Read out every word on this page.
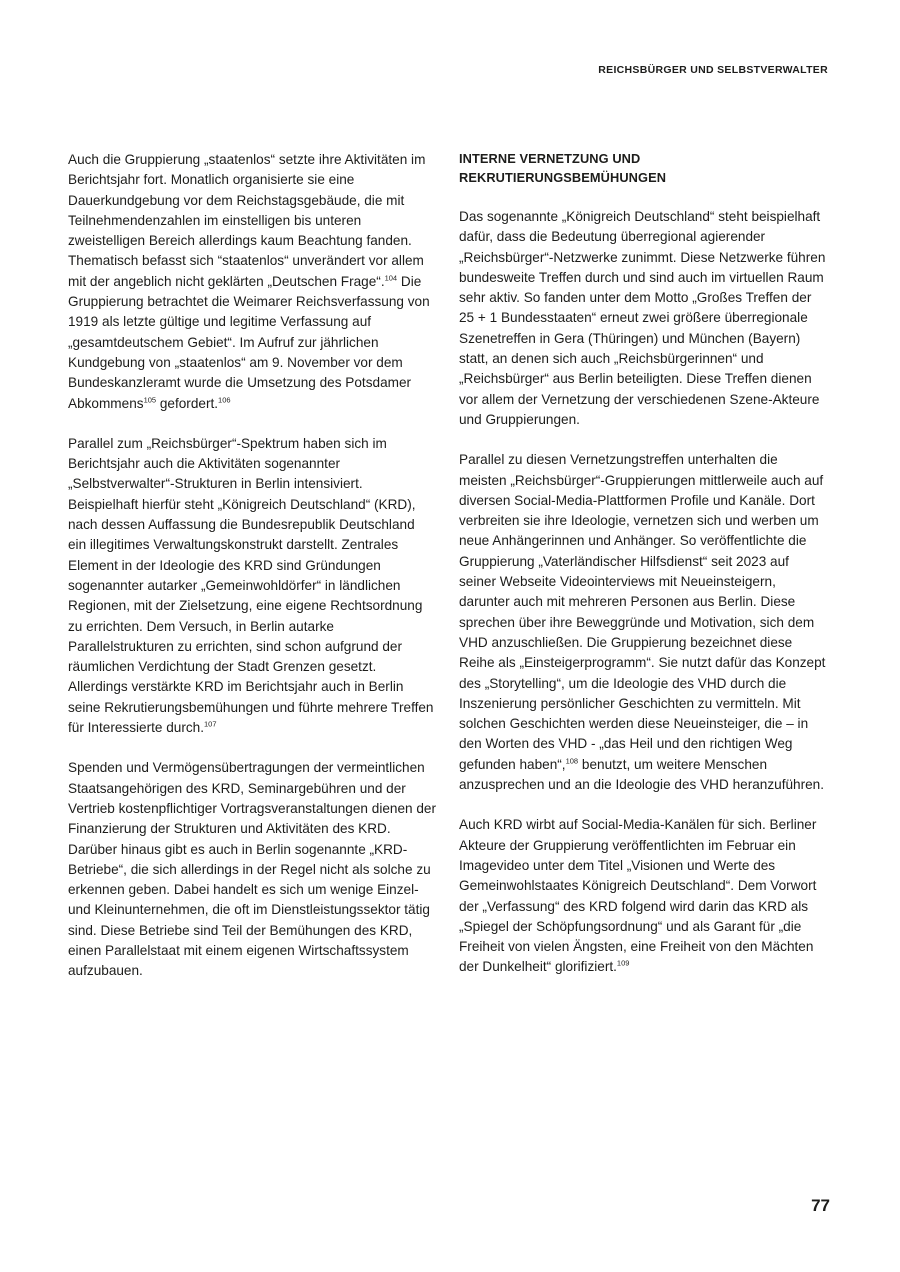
REICHSBÜRGER UND SELBSTVERWALTER

Auch die Gruppierung „staatenlos“ setzte ihre Aktivitäten im Berichtsjahr fort. Monatlich organisierte sie eine Dauerkundgebung vor dem Reichstagsgebäude, die mit Teilnehmendenzahlen im einstelligen bis unteren zweistelligen Bereich allerdings kaum Beachtung fanden. Thematisch befasst sich “staatenlos“ unverändert vor allem mit der angeblich nicht geklärten „Deutschen Frage“.$^{104}$ Die Gruppierung betrachtet die Weimarer Reichsverfassung von 1919 als letzte gültige und legitime Verfassung auf „gesamtdeutschem Gebiet“. Im Aufruf zur jährlichen Kundgebung von „staatenlos“ am 9. November vor dem Bundeskanzleramt wurde die Umsetzung des Potsdamer Abkommens$^{105}$ gefordert.$^{106}$

Parallel zum „Reichsbürger“-Spektrum haben sich im Berichtsjahr auch die Aktivitäten sogenannter „Selbstverwalter“-Strukturen in Berlin intensiviert. Beispielhaft hierfür steht „Königreich Deutschland“ (KRD), nach dessen Auffassung die Bundesrepublik Deutschland ein illegitimes Verwaltungskonstrukt darstellt. Zentrales Element in der Ideologie des KRD sind Gründungen sogenannter autarker „Gemeinwohldörfer“ in ländlichen Regionen, mit der Zielsetzung, eine eigene Rechtsordnung zu errichten. Dem Versuch, in Berlin autarke Parallelstrukturen zu errichten, sind schon aufgrund der räumlichen Verdichtung der Stadt Grenzen gesetzt. Allerdings verstärkte KRD im Berichtsjahr auch in Berlin seine Rekrutierungsbemühungen und führte mehrere Treffen für Interessierte durch.$^{107}$

Spenden und Vermögensübertragungen der vermeintlichen Staatsangehörigen des KRD, Seminargebühren und der Vertrieb kostenpflichtiger Vortragsveranstaltungen dienen der Finanzierung der Strukturen und Aktivitäten des KRD. Darüber hinaus gibt es auch in Berlin sogenannte „KRD-Betriebe“, die sich allerdings in der Regel nicht als solche zu erkennen geben. Dabei handelt es sich um wenige Einzel- und Kleinunternehmen, die oft im Dienstleistungssektor tätig sind. Diese Betriebe sind Teil der Bemühungen des KRD, einen Parallelstaat mit einem eigenen Wirtschaftssystem aufzubauen.

INTERNE VERNETZUNG UND REKRUTIERUNGSBEMÜHUNGEN

Das sogenannte „Königreich Deutschland“ steht beispielhaft dafür, dass die Bedeutung überregional agierender „Reichsbürger“-Netzwerke zunimmt. Diese Netzwerke führen bundesweite Treffen durch und sind auch im virtuellen Raum sehr aktiv. So fanden unter dem Motto „Großes Treffen der 25 + 1 Bundesstaaten“ erneut zwei größere überregionale Szenetreffen in Gera (Thüringen) und München (Bayern) statt, an denen sich auch „Reichsbürgerinnen“ und „Reichsbürger“ aus Berlin beteiligten. Diese Treffen dienen vor allem der Vernetzung der verschiedenen Szene-Akteure und Gruppierungen.

Parallel zu diesen Vernetzungstreffen unterhalten die meisten „Reichsbürger“-Gruppierungen mittlerweile auch auf diversen Social-Media-Plattformen Profile und Kanäle. Dort verbreiten sie ihre Ideologie, vernetzen sich und werben um neue Anhängerinnen und Anhänger. So veröffentlichte die Gruppierung „Vaterländischer Hilfsdienst“ seit 2023 auf seiner Webseite Videointerviews mit Neueinsteigern, darunter auch mit mehreren Personen aus Berlin. Diese sprechen über ihre Beweggründe und Motivation, sich dem VHD anzuschließen. Die Gruppierung bezeichnet diese Reihe als „Einsteigerprogramm“. Sie nutzt dafür das Konzept des „Storytelling“, um die Ideologie des VHD durch die Inszenierung persönlicher Geschichten zu vermitteln. Mit solchen Geschichten werden diese Neueinsteiger, die – in den Worten des VHD - „das Heil und den richtigen Weg gefunden haben“,$^{108}$ benutzt, um weitere Menschen anzusprechen und an die Ideologie des VHD heranzuführen.

Auch KRD wirbt auf Social-Media-Kanälen für sich. Berliner Akteure der Gruppierung veröffentlichten im Februar ein Imagevideo unter dem Titel „Visionen und Werte des Gemeinwohlstaates Königreich Deutschland“. Dem Vorwort der „Verfassung“ des KRD folgend wird darin das KRD als „Spiegel der Schöpfungsordnung“ und als Garant für „die Freiheit von vielen Ängsten, eine Freiheit von den Mächten der Dunkelheit“ glorifiziert.$^{109}$

77
